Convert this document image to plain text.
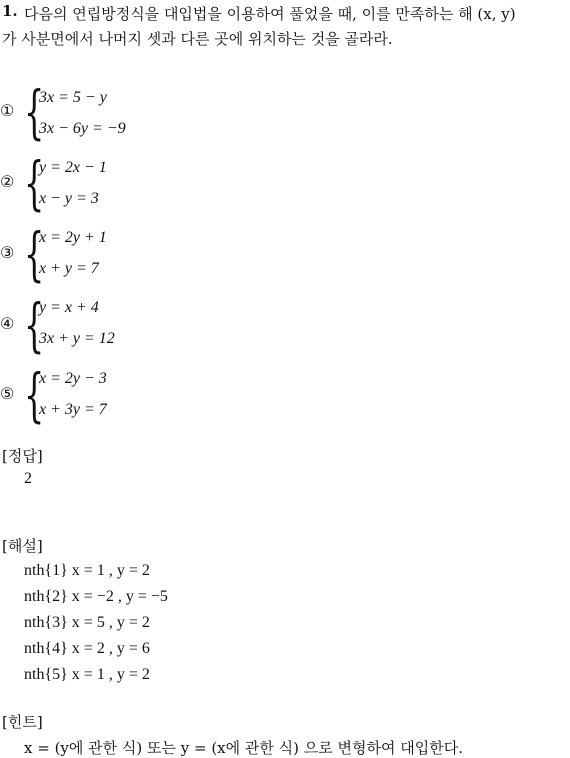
1. 다음의 연립방정식을 대입법을 이용하여 풀었을 때, 이를 만족하는 해 (x, y)
가 사분면에서 나머지 셋과 다른 곳에 위치하는 것을 골라라.
① {
3x = 5 − y
3x − 6y = −9
② {
y = 2x − 1
x − y = 3
③ {
x = 2y + 1
x + y = 7
④ {
y = x + 4
3x + y = 12
⑤ {
x = 2y − 3
x + 3y = 7
[정답]
2
[해설]
nth{1} x = 1 , y = 2
nth{2} x = −2 , y = −5
nth{3} x = 5 , y = 2
nth{4} x = 2 , y = 6
nth{5} x = 1 , y = 2
[힌트]
x = (y에 관한 식) 또는 y = (x에 관한 식) 으로 변형하여 대입한다.
